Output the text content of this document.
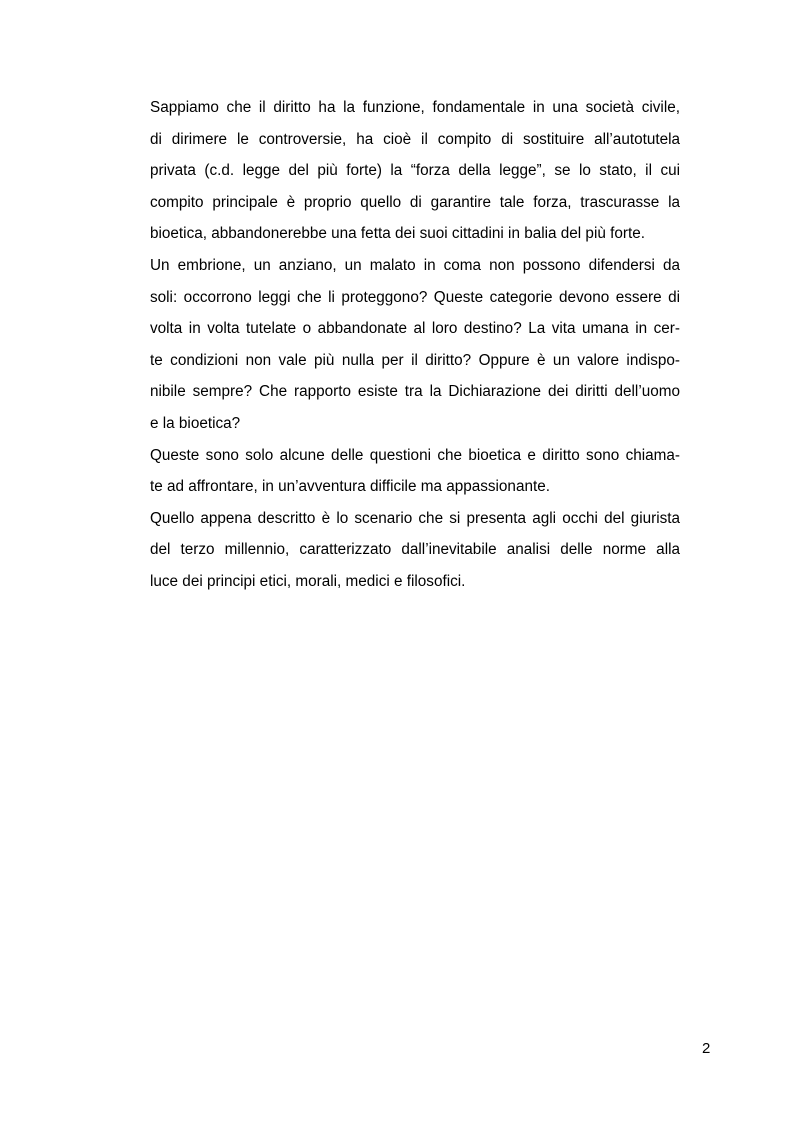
Sappiamo che il diritto ha la funzione, fondamentale in una società civile,
di dirimere le controversie, ha cioè il compito di sostituire all’autotutela
privata (c.d. legge del più forte) la “forza della legge”, se lo stato, il cui
compito principale è proprio quello di garantire tale forza, trascurasse la
bioetica, abbandonerebbe una fetta dei suoi cittadini in balia del più forte.
Un embrione, un anziano, un malato in coma non possono difendersi da
soli: occorrono leggi che li proteggono? Queste categorie devono essere di
volta in volta tutelate o abbandonate al loro destino? La vita umana in cer-
te condizioni non vale più nulla per il diritto? Oppure è un valore indispo-
nibile sempre? Che rapporto esiste tra la Dichiarazione dei diritti dell’uomo
e la bioetica?
Queste sono solo alcune delle questioni che bioetica e diritto sono chiama-
te ad affrontare, in un’avventura difficile ma appassionante.
Quello appena descritto è lo scenario che si presenta agli occhi del giurista
del terzo millennio, caratterizzato dall’inevitabile analisi delle norme alla
luce dei principi etici, morali, medici e filosofici.
2
